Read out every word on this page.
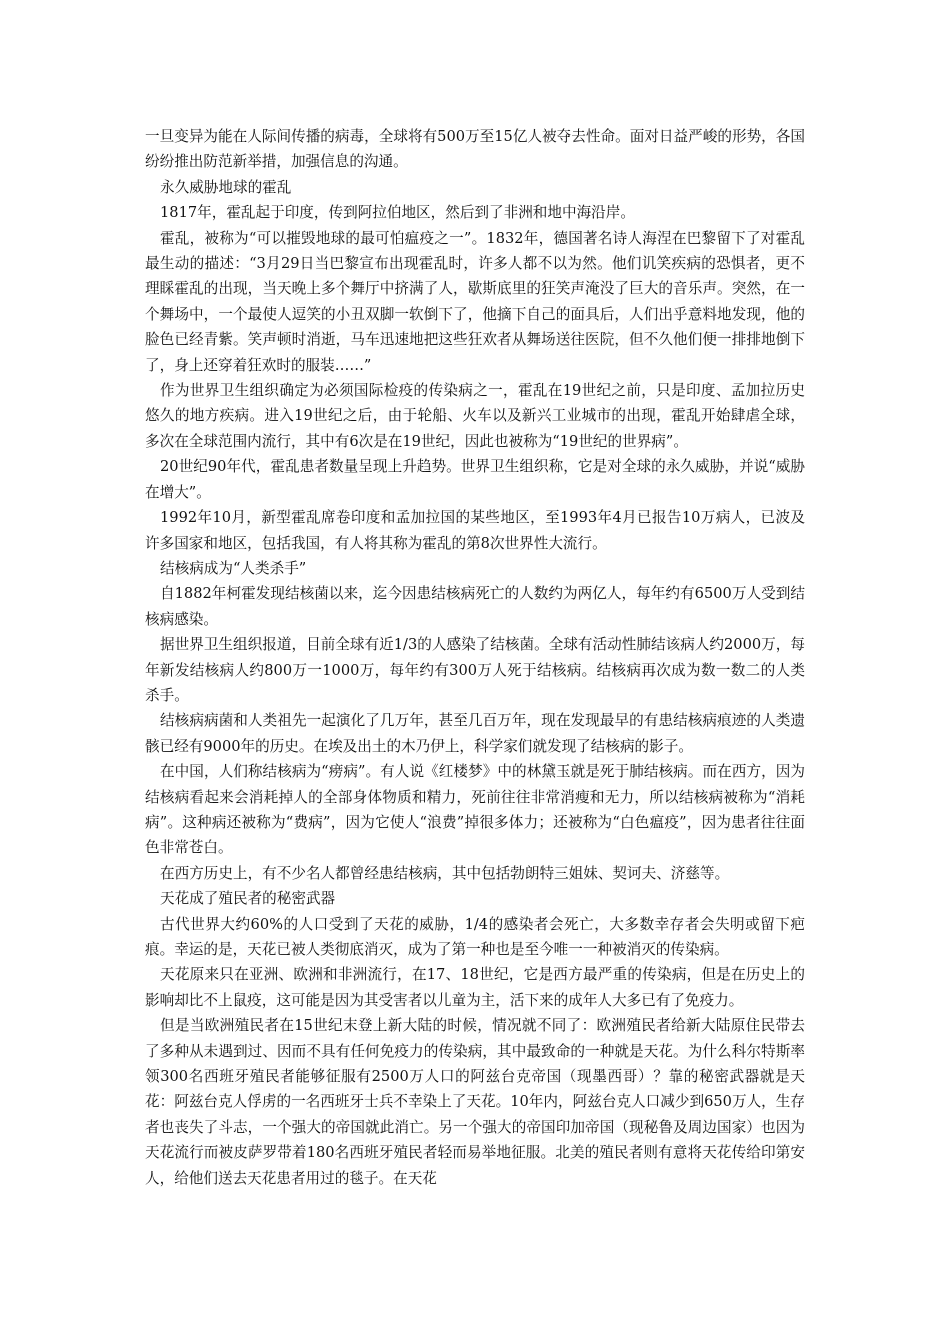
一旦变异为能在人际间传播的病毒，全球将有500万至15亿人被夺去性命。面对日益严峻的形势，各国纷纷推出防范新举措，加强信息的沟通。

永久威胁地球的霍乱

1817年，霍乱起于印度，传到阿拉伯地区，然后到了非洲和地中海沿岸。

霍乱，被称为“可以摧毁地球的最可怕瘟疫之一”。1832年，德国著名诗人海涅在巴黎留下了对霍乱最生动的描述：“3月29日当巴黎宣布出现霍乱时，许多人都不以为然。他们讥笑疾病的恐惧者，更不理睬霍乱的出现，当天晚上多个舞厅中挤满了人，歇斯底里的狂笑声淹没了巨大的音乐声。突然，在一个舞场中，一个最使人逗笑的小丑双脚一软倒下了，他摘下自己的面具后，人们出乎意料地发现，他的脸色已经青紫。笑声顿时消逝，马车迅速地把这些狂欢者从舞场送往医院，但不久他们便一排排地倒下了，身上还穿着狂欢时的服装……”

作为世界卫生组织确定为必须国际检疫的传染病之一，霍乱在19世纪之前，只是印度、孟加拉历史悠久的地方疾病。进入19世纪之后，由于轮船、火车以及新兴工业城市的出现，霍乱开始肆虐全球，多次在全球范围内流行，其中有6次是在19世纪，因此也被称为“19世纪的世界病”。

20世纪90年代，霍乱患者数量呈现上升趋势。世界卫生组织称，它是对全球的永久威胁，并说“威胁在增大”。

1992年10月，新型霍乱席卷印度和孟加拉国的某些地区，至1993年4月已报告10万病人，已波及许多国家和地区，包括我国，有人将其称为霍乱的第8次世界性大流行。

结核病成为“人类杀手”

自1882年柯霍发现结核菌以来，迄今因患结核病死亡的人数约为两亿人，每年约有6500万人受到结核病感染。

据世界卫生组织报道，目前全球有近1/3的人感染了结核菌。全球有活动性肺结该病人约2000万，每年新发结核病人约800万一1000万，每年约有300万人死于结核病。结核病再次成为数一数二的人类杀手。

结核病病菌和人类祖先一起演化了几万年，甚至几百万年，现在发现最早的有患结核病痕迹的人类遗骸已经有9000年的历史。在埃及出土的木乃伊上，科学家们就发现了结核病的影子。

在中国，人们称结核病为“痨病”。有人说《红楼梦》中的林黛玉就是死于肺结核病。而在西方，因为结核病看起来会消耗掉人的全部身体物质和精力，死前往往非常消瘦和无力，所以结核病被称为“消耗病”。这种病还被称为“费病”，因为它使人“浪费”掉很多体力；还被称为“白色瘟疫”，因为患者往往面色非常苍白。

在西方历史上，有不少名人都曾经患结核病，其中包括勃朗特三姐妹、契诃夫、济慈等。

天花成了殖民者的秘密武器

古代世界大约60%的人口受到了天花的威胁，1/4的感染者会死亡，大多数幸存者会失明或留下疤痕。幸运的是，天花已被人类彻底消灭，成为了第一种也是至今唯一一种被消灭的传染病。

天花原来只在亚洲、欧洲和非洲流行，在17、18世纪，它是西方最严重的传染病，但是在历史上的影响却比不上鼠疫，这可能是因为其受害者以儿童为主，活下来的成年人大多已有了免疫力。

但是当欧洲殖民者在15世纪末登上新大陆的时候，情况就不同了：欧洲殖民者给新大陆原住民带去了多种从未遇到过、因而不具有任何免疫力的传染病，其中最致命的一种就是天花。为什么科尔特斯率领300名西班牙殖民者能够征服有2500万人口的阿兹台克帝国（现墨西哥）？靠的秘密武器就是天花：阿兹台克人俘虏的一名西班牙士兵不幸染上了天花。10年内，阿兹台克人口减少到650万人，生存者也丧失了斗志，一个强大的帝国就此消亡。另一个强大的帝国印加帝国（现秘鲁及周边国家）也因为天花流行而被皮萨罗带着180名西班牙殖民者轻而易举地征服。北美的殖民者则有意将天花传给印第安人，给他们送去天花患者用过的毯子。在天花
